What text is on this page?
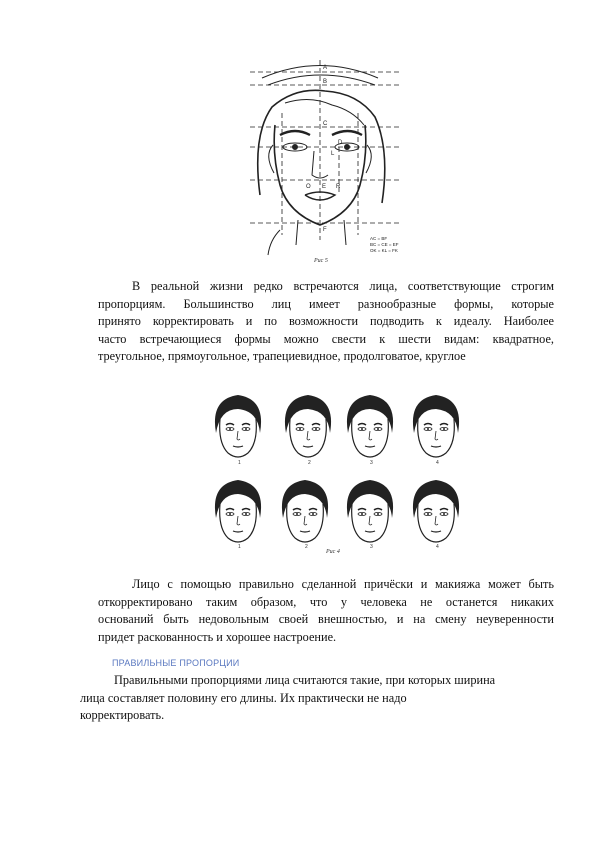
A
B
C
D
L
O E R
F
AC = BF
BC = CE = EF
OK = KL = FK
Рис 5
В реальной жизни редко встречаются лица, соответствующие строгим
пропорциям. Большинство лиц имеет разнообразные формы, которые
принято корректировать и по возможности подводить к идеалу. Наиболее
часто встречающиеся формы можно свести к шести видам: квадратное,
треугольное, прямоугольное, трапециевидное, продолговатое, круглое
1	2	3	4
1	2	3	4
Рис 4
Лицо с помощью правильно сделанной причёски и макияжа может быть
откорректировано таким образом, что у человека не останется никаких
оснований быть недовольным своей внешностью, и на смену неуверенности
придет раскованность и хорошее настроение.
ПРАВИЛЬНЫЕ ПРОПОРЦИИ
Правильными пропорциями лица считаются такие, при которых ширина
лица составляет половину его длины. Их практически не надо
корректировать.
